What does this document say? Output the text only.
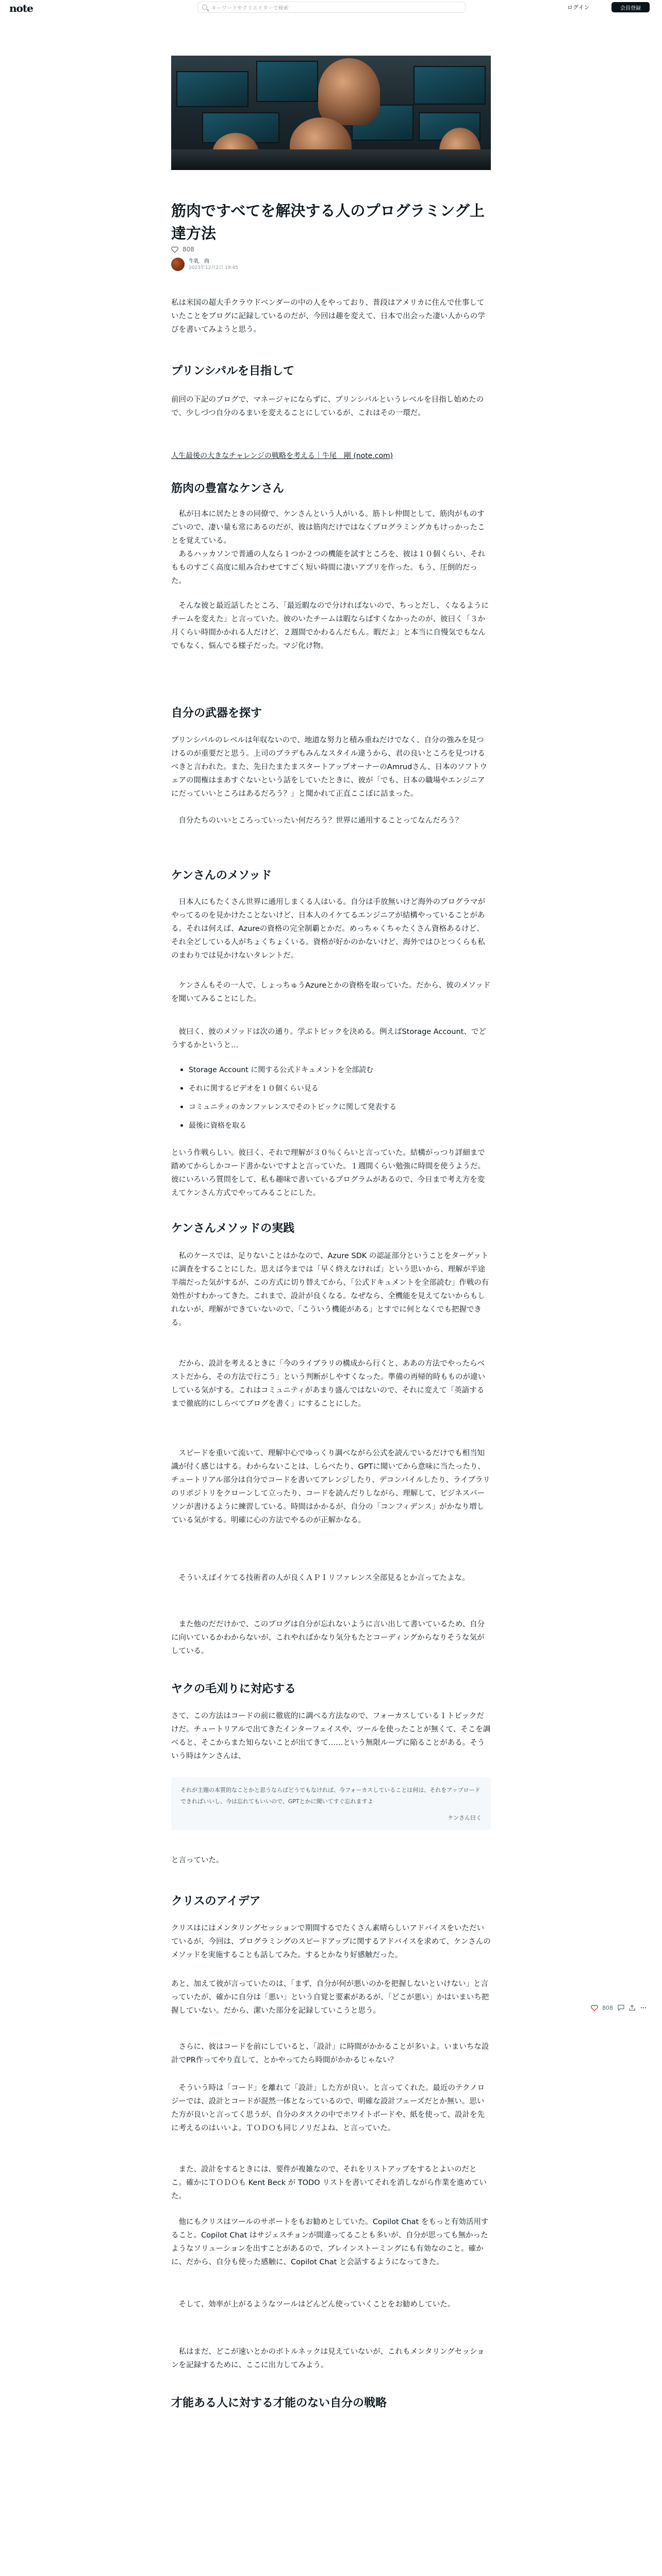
note	キーワードやクリエイターで検索	ログイン	会員登録
筋肉ですべてを解決する人のプログラミング上達方法
808
牛乳　尚
2023年12月2日 19:45

私は米国の超大手クラウドベンダーの中の人をやっており、普段はアメリカに住んで仕事していたことをブログに記録しているのだが、今回は趣を変えて、日本で出会った凄い人からの学びを書いてみようと思う。

プリンシパルを目指して

前回の下記のブログで、マネージャにならずに、プリンシパルというレベルを目指し始めたので、少しづつ自分のるまいを変えることにしているが、これはその一環だ。

人生最後の大きなチャレンジの戦略を考える｜牛尾　剛 (note.com)
筋肉の豊富なケンさん

私が日本に居たときの同僚で、ケンさんという人がいる。筋トレ仲間として、筋肉がものすごいので、凄い量も常にあるのだが、彼は筋肉だけではなくプログラミングカもけっかったことを覚えている。

あるハッカソンで普通の人なら１つか２つの機能を試すところを、彼は１０個くらい、それもものすごく高度に組み合わせてすごく短い時間に凄いアプリを作った。もう、圧倒的だった。

そんな彼と最近話したところ、「最近暇なので分ければないので、ちっとだし、くなるようにチームを変えた」と言っていた。彼のいたチームは暇ならばすくなかったのが、彼曰く「３か月くらい時間かかれる人だけど、２週間でかわるんだもん。暇だよ」と本当に自慢気でもなんでもなく、悩んでる様子だった。マジ化け物。

自分の武器を探す

プリンシパルのレベルは年収ないので、地道な努力と積み重ねだけでなく、自分の強みを見つけるのが重要だと思う。上司のブラデもみんなスタイル違うから、君の良いところを見つけるべきと言われた。また、先日たまたまスタートアップオーナーのAmrudさん、日本のソフトウェアの間権はまあすぐないという話をしていたときに、彼が「でも、日本の職場やエンジニアにだっていいところはあるだろう？」と聞かれて正直ここぼに詰まった。

自分たちのいいところっていったい何だろう？世界に通用することってなんだろう？

ケンさんのメソッド

日本人にもたくさん世界に通用しまくる人はいる。自分は手放無いけど海外のプログラマがやってるのを見かけたことないけど、日本人のイケてるエンジニアが結構やっていることがある。それは何えば、Azureの資格の完全制覇とかだ。めっちゃくちゃたくさん資格あるけど、それ全どしている人がちょくちょくいる。資格が好かのかないけど、海外ではひとつくらも私のまわりでは見かけないタレントだ。

ケンさんもその一人で、しょっちゅうAzureとかの資格を取っていた。だから、彼のメソッドを聞いてみることにした。

彼曰く、彼のメソッドは次の通り。学ぶトピックを決める。例えばStorage Account、でどうするかというと…

Storage Account に関する公式ドキュメントを全部読む
それに関するビデオを１０個くらい見る
コミュニティのカンファレンスでそのトピックに関して発表する
最後に資格を取る

という作戦らしい。彼曰く、それで理解が３０％くらいと言っていた。結構がっつり詳細まで踏めてからしかコード書かないですよと言っていた。１週間くらい勉強に時間を使うようだ。彼にいろいろ質問をして、私も趣味で書いているプログラムがあるので、今日まで考え方を変えてケンさん方式でやってみることにした。

ケンさんメソッドの実践

私のケースでは、足りないことはかなので、Azure SDK の認証部分ということをターゲットに調査をすることにした。思えば今までは「早く終えなければ」という思いから、理解が半途半端だった気がするが、この方式に切り替えてから、「公式ドキュメントを全部読む」作戦の有効性がすわかってきた。これまで、設計が良くなる。なぜなら、全機能を見えてないからもしれないが、理解ができていないので、「こういう機能がある」とすでに何となくでも把握できる。

だから、設計を考えるときに「今のライブラリの構成から行くと、ああの方法でやったらベストだから、その方法で行こう」という判断がしやすくなった。準備の再帰的時もものが違いしている気がする。これはコミュニティがあまり盛んではないので、それに変えて「英語するまで徹底的にしらべてブログを書く」にすることにした。

スピードを重いて流いて、理解中心でゆっくり調べながら公式を読んでいるだけでも相当知識が付く感じはする。わからないことは、しらべたり、GPTに聞いてから意味に当たったり、チュートリアル部分は自分でコードを書いてアレンジしたり、デコンパイルしたり、ライブラリのリポジトリをクローンして立ったり、コードを読んだりしながら、理解して、ビジネスパーソンが書けるように練習している。時間はかかるが、自分の「コンフィデンス」がかなり増している気がする。明確に心の方法でやるのが正解かなる。

そういえばイケてる技術者の人が良くＡＰＩリファレンス全部見るとか言ってたよな。

また他のだだけかで、このブログは自分が忘れないように言い出して書いているため、自分に向いているかわからないが、これやればかなり気分もたとコーディングからなりそうな気がしている。

ヤクの毛刈りに対応する

さて、この方法はコードの前に徹底的に調べる方法なので、フォーカスしている１トピックだけだ。チュートリアルで出てきたインターフェイスや、ツールを使ったことが無くて、そこを調べると、そこからまた知らないことが出てきて……という無限ループに陥ることがある。そういう時はケンさんは、

それが主題の本質的なことかと思うならばどうでもなければ、今フォーカスしていることは何は、それをアップロードできればいいし、今は忘れてもいいので、GPTとかに聞いてすぐ忘れますよ
ケンさん曰く

と言っていた。

クリスのアイデア

クリスはにはメンタリングセッションで期間するでたくさん素晴らしいアドバイスをいただいているが、今回は、プログラミングのスピードアップに関するアドバイスを求めて、ケンさんのメソッドを実施することも話してみた。するとかなり好感触だった。

あと、加えて彼が言っていたのは、「まず、自分が何が悪いのかを把握しないといけない」と言っていたが、確かに自分は「悪い」という自覚と要素があるが、「どこが悪い」かはいまいち把握していない。だから、潔いた部分を記録していこうと思う。

さらに、彼はコードを前にしていると、「設計」に時間がかかることが多いよ。いまいちな設計でPR作ってやり直して、とかやってたら時間がかかるじゃない？

そういう時は「コード」を離れて「設計」した方が良い。と言ってくれた。最近のテクノロジーでは、設計とコードが混然一体となっているので、明確な設計フェーズだとか無い。思いた方が良いと言ってく思うが、自分のタスクの中でホワイトボードや、紙を使って、設計を先に考えるのはいいよ。ＴＯＤＯも同じノリだよね、と言っていた。

また、設計をするときには、要件が複雑なので、それをリストアップをするとよいのだとこ。確かにＴＯＤＯも Kent Beck が TODO リストを書いてそれを消しながら作業を進めていた。

他にもクリスはツールのサポートをもお勧めとしていた。Copilot Chat をもっと有効活用すること。Copilot Chat はサジェスチョンが間違ってることも多いが、自分が思っても無かったようなソリューションを出すことがあるので、ブレインストーミングにも有効なのこと。確かに、だから、自分も使った感触に、Copilot Chat と会話するようになってきた。

そして、効率が上がるようなツールはどんどん使っていくことをお勧めしていた。

私はまだ、どこが速いとかのボトルネックは見えていないが、これもメンタリングセッションを記録するために、ここに出力してみよう。

才能ある人に対する才能のない自分の戦略
808
